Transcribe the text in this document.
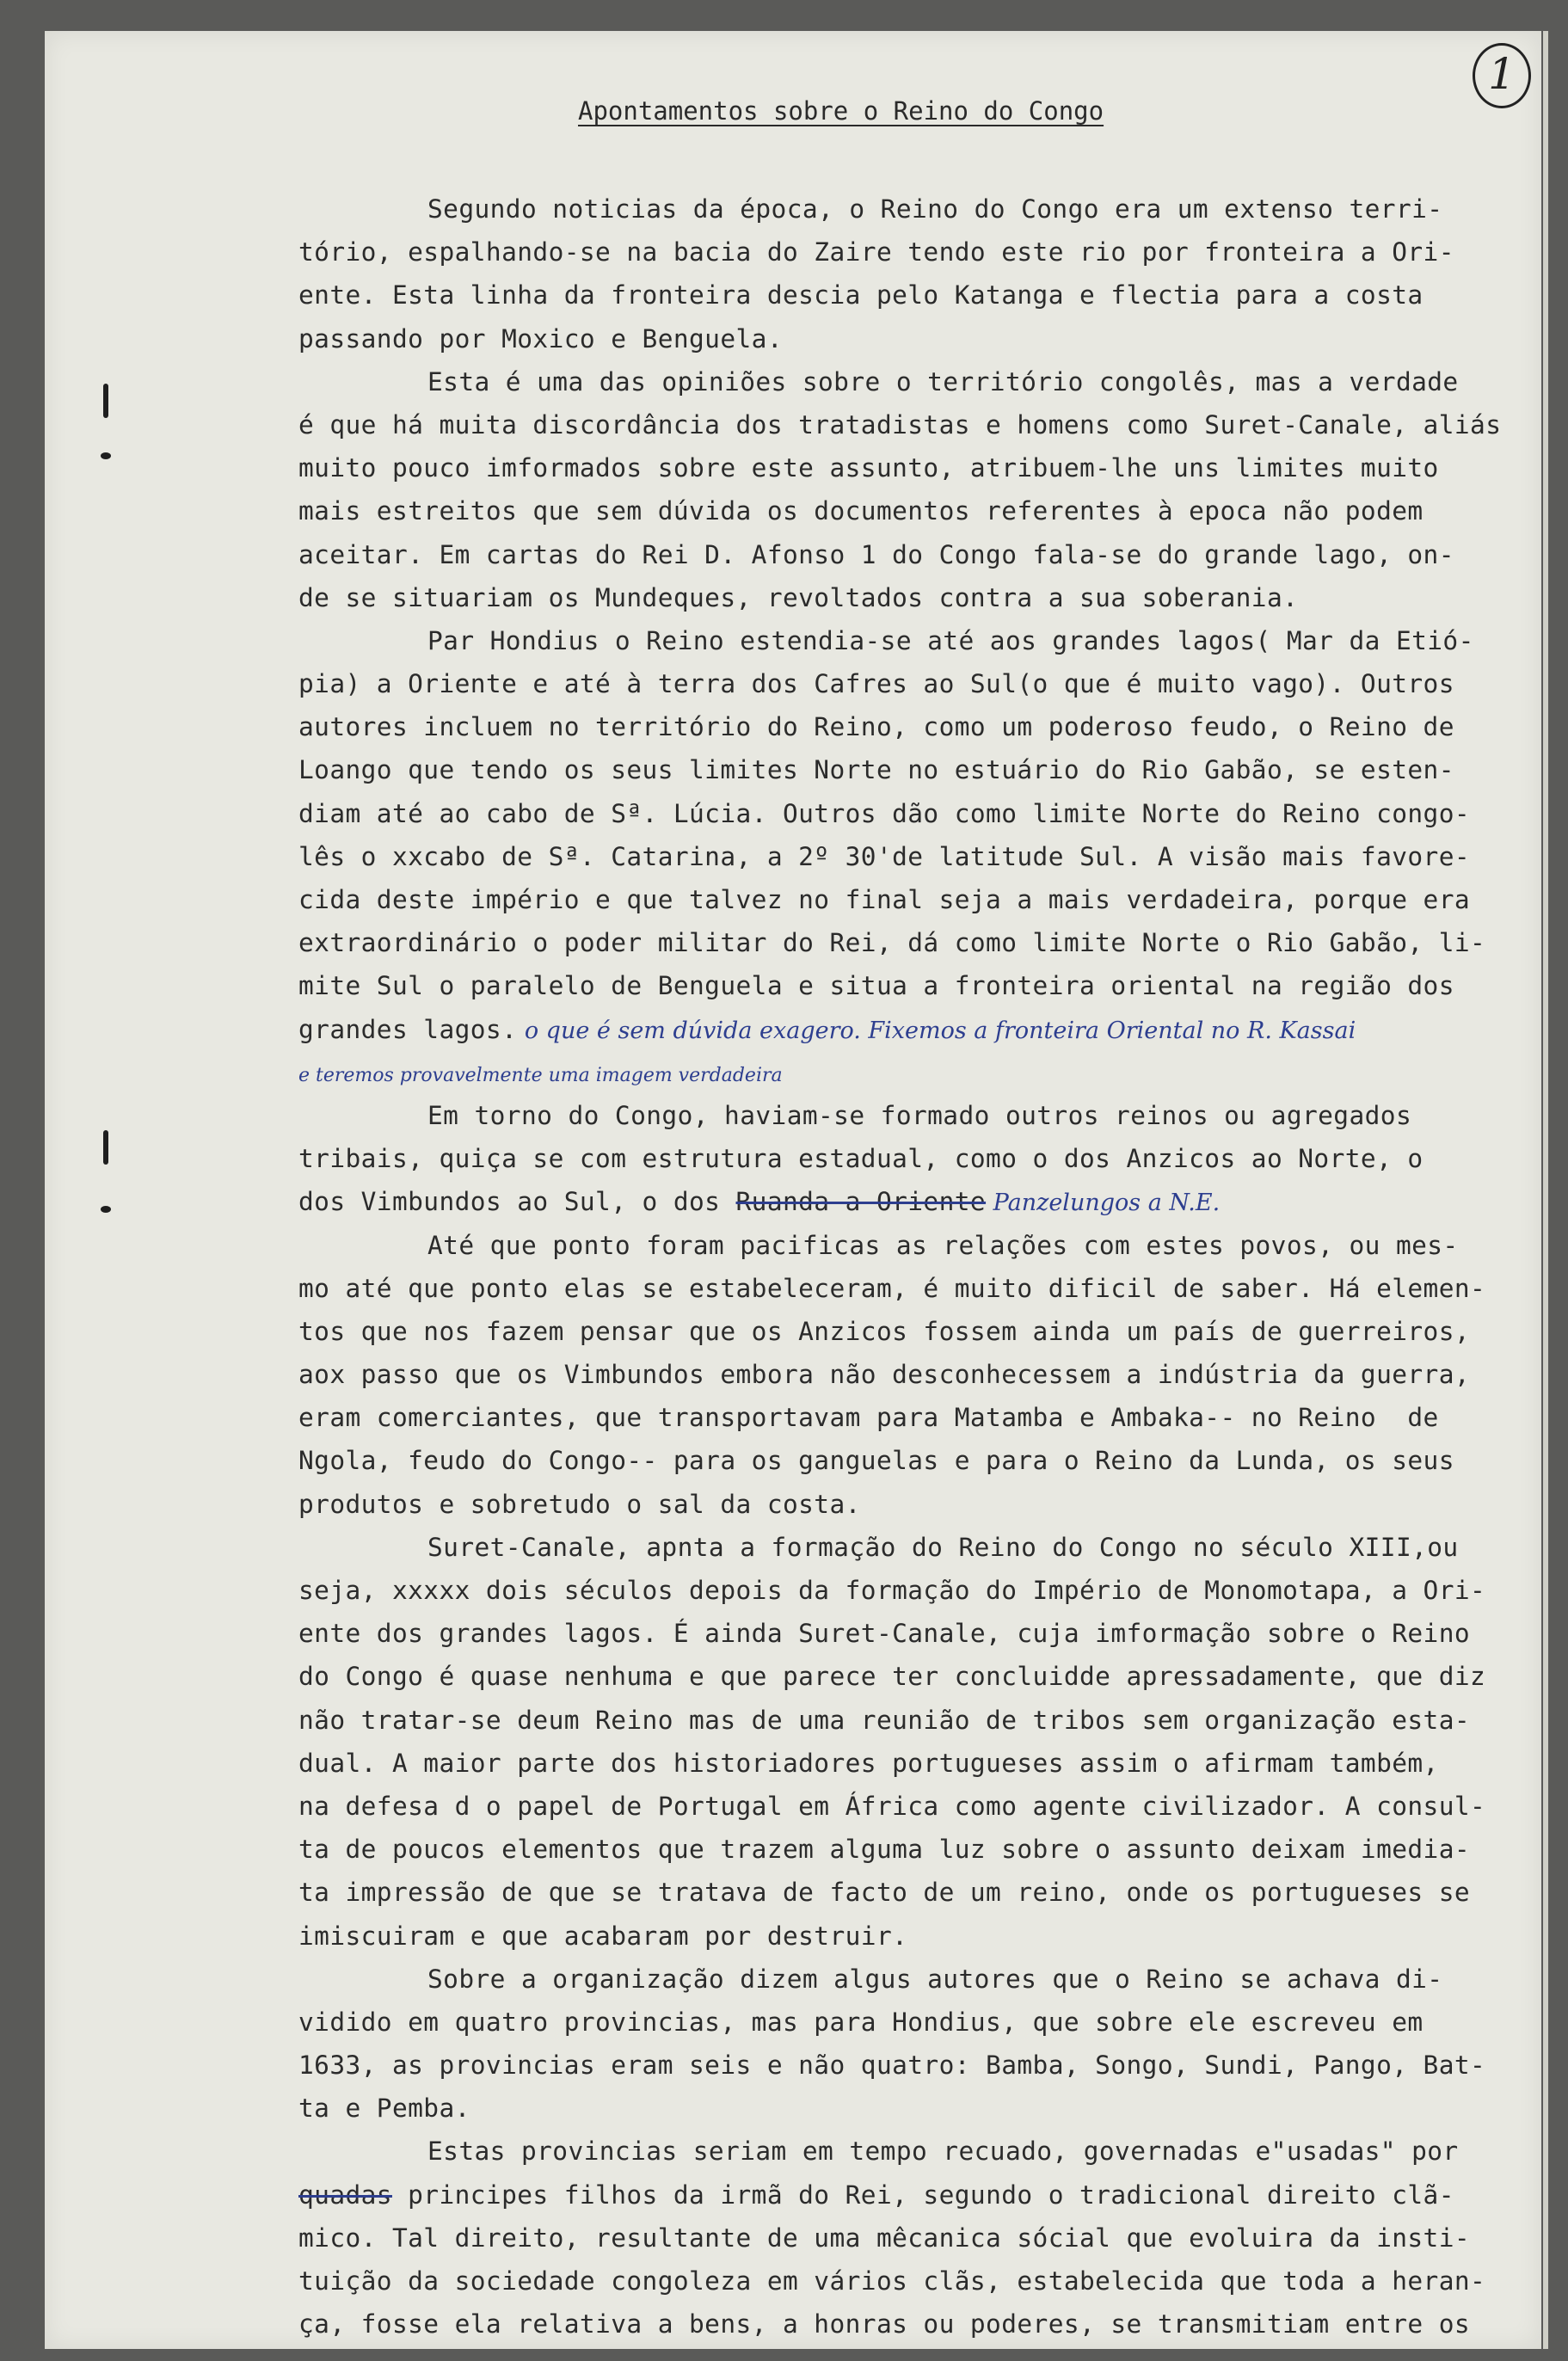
1
Apontamentos sobre o Reino do Congo
Segundo noticias da época, o Reino do Congo era um extenso terri-
tório, espalhando-se na bacia do Zaire tendo este rio por fronteira a Ori-
ente. Esta linha da fronteira descia pelo Katanga e flectia para a costa
passando por Moxico e Benguela.
Esta é uma das opiniões sobre o território congolês, mas a verdade
é que há muita discordância dos tratadistas e homens como Suret-Canale, aliás
muito pouco imformados sobre este assunto, atribuem-lhe uns limites muito
mais estreitos que sem dúvida os documentos referentes à epoca não podem
aceitar. Em cartas do Rei D. Afonso 1 do Congo fala-se do grande lago, on-
de se situariam os Mundeques, revoltados contra a sua soberania.
Par Hondius o Reino estendia-se até aos grandes lagos( Mar da Etió-
pia) a Oriente e até à terra dos Cafres ao Sul(o que é muito vago). Outros
autores incluem no território do Reino, como um poderoso feudo, o Reino de
Loango que tendo os seus limites Norte no estuário do Rio Gabão, se esten-
diam até ao cabo de Sª. Lúcia. Outros dão como limite Norte do Reino congo-
lês o xxcabo de Sª. Catarina, a 2º 30'de latitude Sul. A visão mais favore-
cida deste império e que talvez no final seja a mais verdadeira, porque era
extraordinário o poder militar do Rei, dá como limite Norte o Rio Gabão, li-
mite Sul o paralelo de Benguela e situa a fronteira oriental na região dos
grandes lagos. o que é sem dúvida exagero. Fixemos a fronteira Oriental no R. Kassai
e teremos provavelmente uma imagem verdadeira
Em torno do Congo, haviam-se formado outros reinos ou agregados
tribais, quiça se com estrutura estadual, como o dos Anzicos ao Norte, o
dos Vimbundos ao Sul, o dos Ruanda a Oriente Panzelungos a N.E.
Até que ponto foram pacificas as relações com estes povos, ou mes-
mo até que ponto elas se estabeleceram, é muito dificil de saber. Há elemen-
tos que nos fazem pensar que os Anzicos fossem ainda um país de guerreiros,
aox passo que os Vimbundos embora não desconhecessem a indústria da guerra,
eram comerciantes, que transportavam para Matamba e Ambaka-- no Reino  de
Ngola, feudo do Congo-- para os ganguelas e para o Reino da Lunda, os seus
produtos e sobretudo o sal da costa.
Suret-Canale, apnta a formação do Reino do Congo no século XIII,ou
seja, xxxxx dois séculos depois da formação do Império de Monomotapa, a Ori-
ente dos grandes lagos. É ainda Suret-Canale, cuja imformação sobre o Reino
do Congo é quase nenhuma e que parece ter concluidde apressadamente, que diz
não tratar-se deum Reino mas de uma reunião de tribos sem organização esta-
dual. A maior parte dos historiadores portugueses assim o afirmam também,
na defesa d o papel de Portugal em África como agente civilizador. A consul-
ta de poucos elementos que trazem alguma luz sobre o assunto deixam imedia-
ta impressão de que se tratava de facto de um reino, onde os portugueses se
imiscuiram e que acabaram por destruir.
Sobre a organização dizem algus autores que o Reino se achava di-
vidido em quatro provincias, mas para Hondius, que sobre ele escreveu em
1633, as provincias eram seis e não quatro: Bamba, Songo, Sundi, Pango, Bat-
ta e Pemba.
Estas provincias seriam em tempo recuado, governadas e"usadas" por
quadas principes filhos da irmã do Rei, segundo o tradicional direito clã-
mico. Tal direito, resultante de uma mêcanica sócial que evoluira da insti-
tuição da sociedade congoleza em vários clãs, estabelecida que toda a heran-
ça, fosse ela relativa a bens, a honras ou poderes, se transmitiam entre os
